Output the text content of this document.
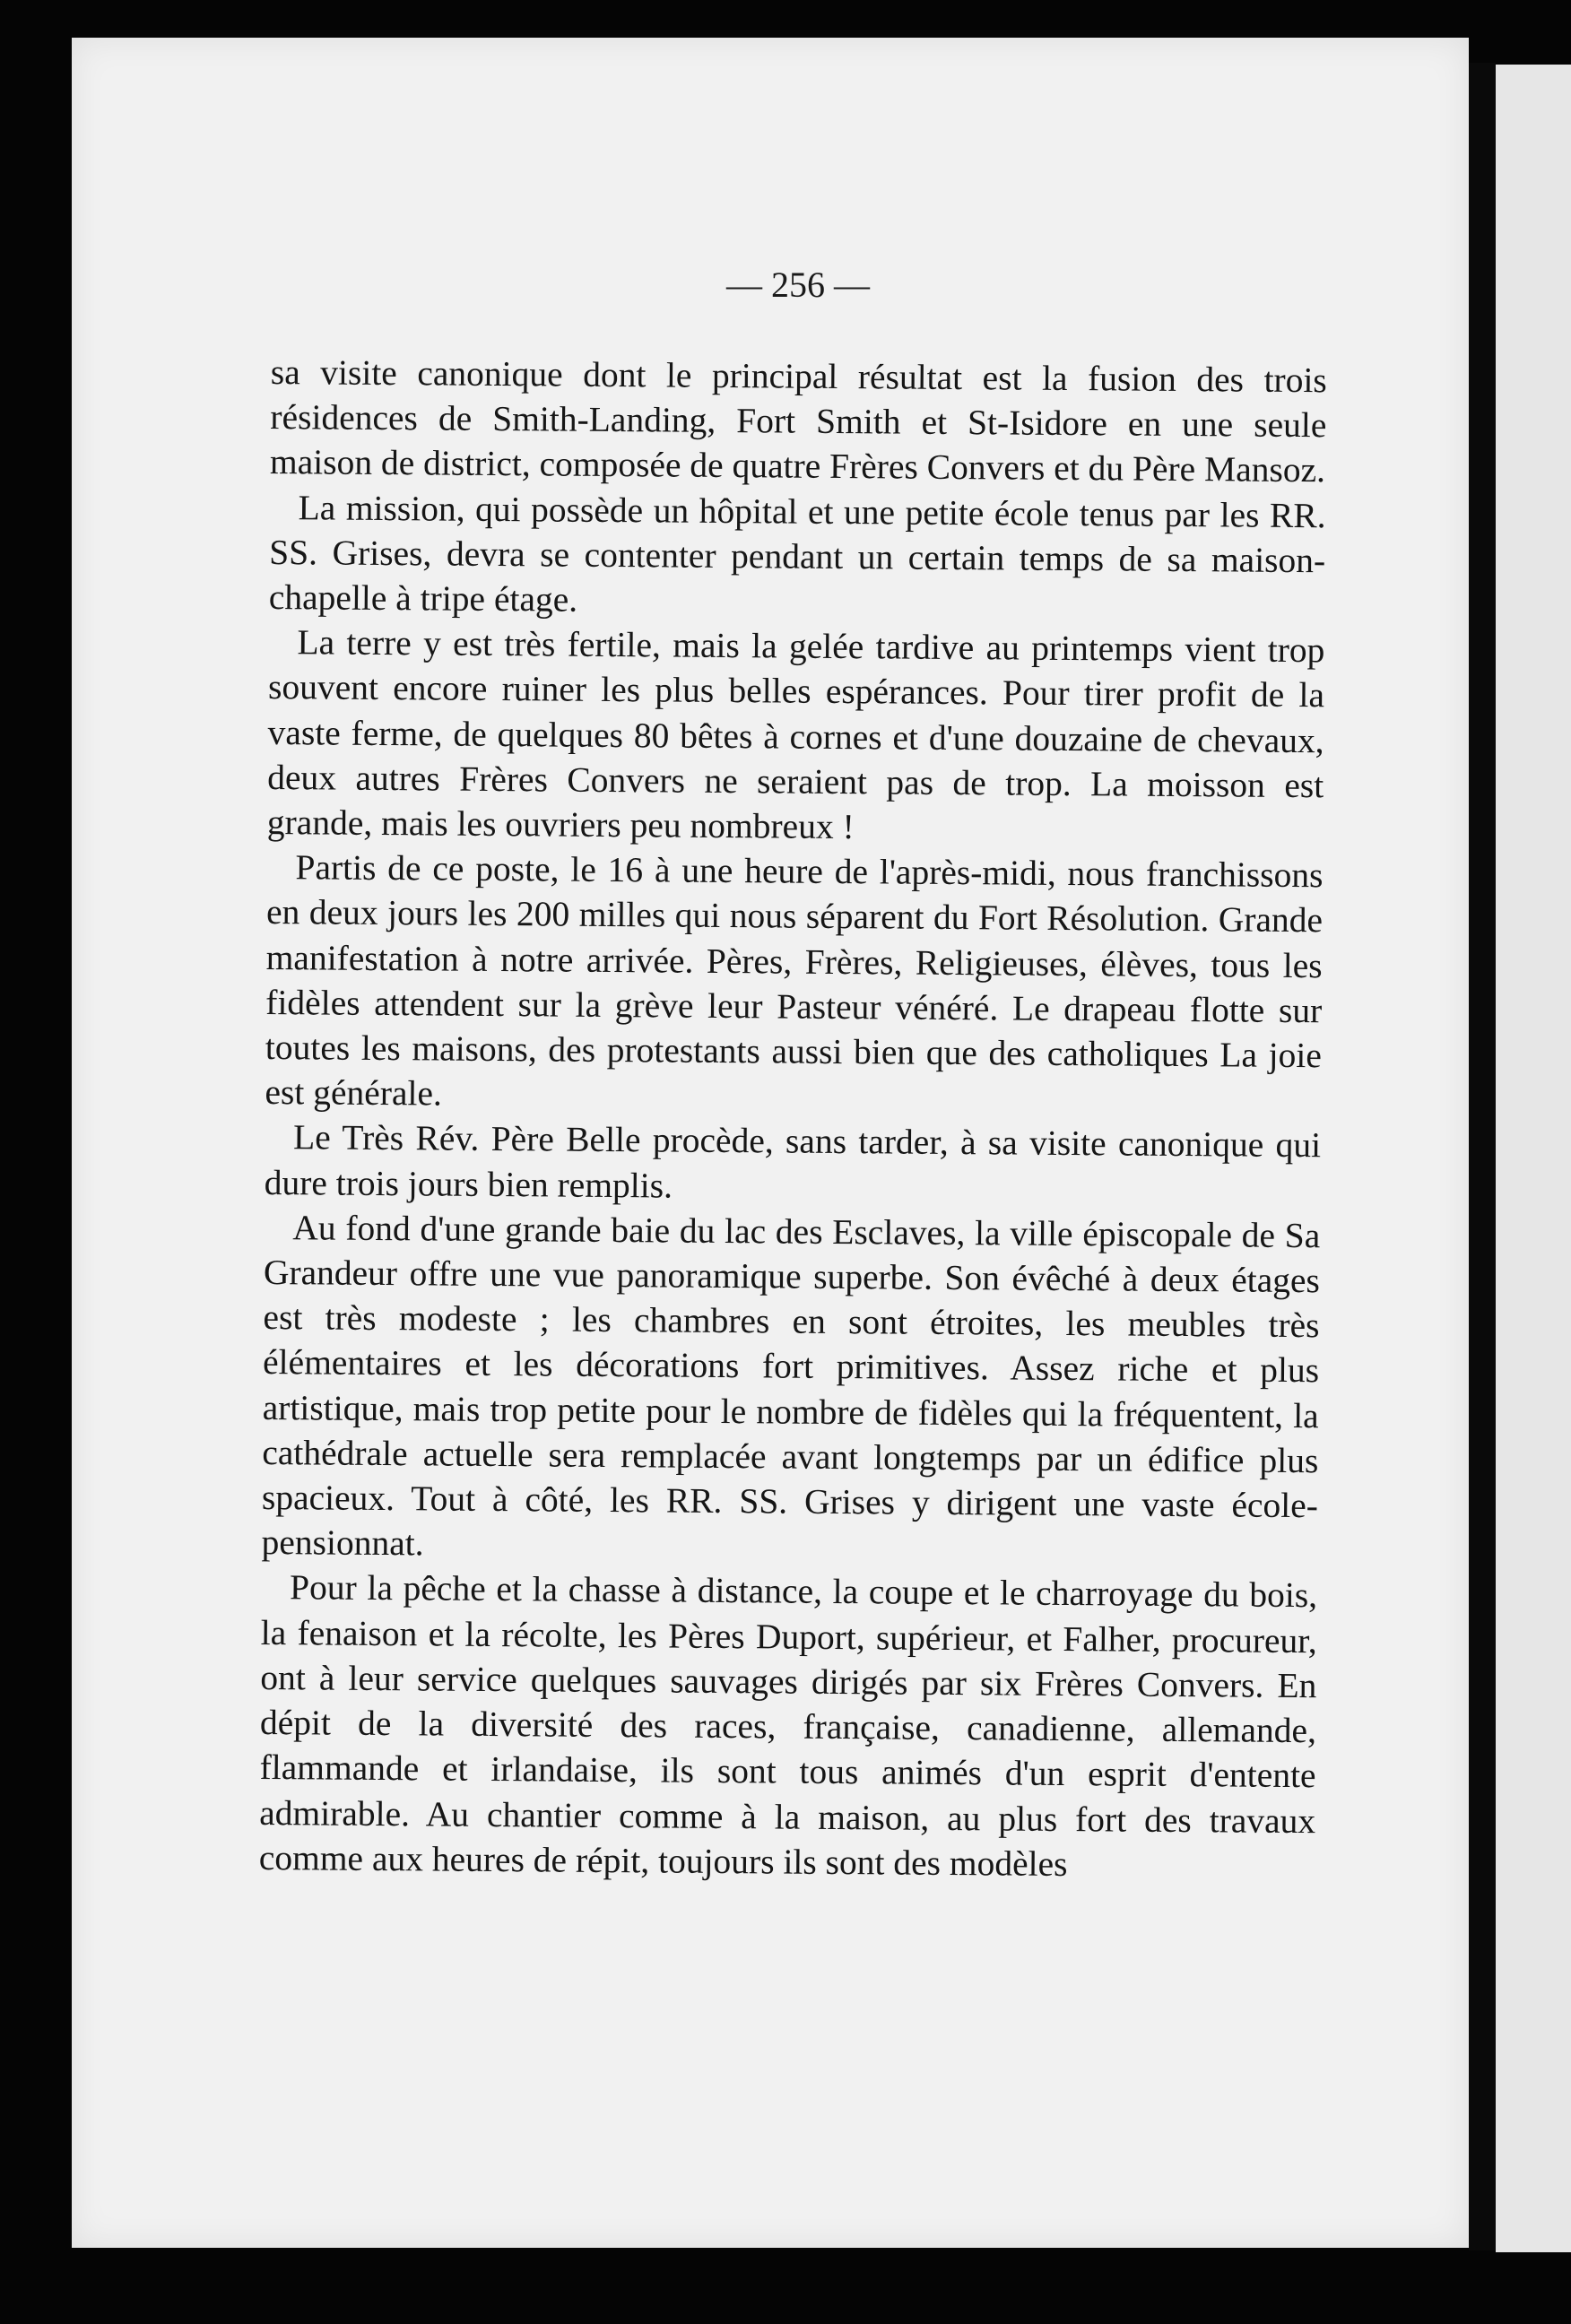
— 256 —

sa visite canonique dont le principal résultat est la fusion des trois résidences de Smith-Landing, Fort Smith et St-Isidore en une seule maison de district, composée de quatre Frères Convers et du Père Mansoz.

La mission, qui possède un hôpital et une petite école tenus par les RR. SS. Grises, devra se contenter pendant un certain temps de sa maison-chapelle à tripe étage.

La terre y est très fertile, mais la gelée tardive au printemps vient trop souvent encore ruiner les plus belles espérances. Pour tirer profit de la vaste ferme, de quelques 80 bêtes à cornes et d'une douzaine de chevaux, deux autres Frères Convers ne seraient pas de trop. La moisson est grande, mais les ouvriers peu nombreux !

Partis de ce poste, le 16 à une heure de l'après-midi, nous franchissons en deux jours les 200 milles qui nous séparent du Fort Résolution. Grande manifestation à notre arrivée. Pères, Frères, Religieuses, élèves, tous les fidèles attendent sur la grève leur Pasteur vénéré. Le drapeau flotte sur toutes les maisons, des protestants aussi bien que des catholiques La joie est générale.

Le Très Rév. Père Belle procède, sans tarder, à sa visite canonique qui dure trois jours bien remplis.

Au fond d'une grande baie du lac des Esclaves, la ville épiscopale de Sa Grandeur offre une vue panoramique superbe. Son évêché à deux étages est très modeste ; les chambres en sont étroites, les meubles très élémentaires et les décorations fort primitives. Assez riche et plus artistique, mais trop petite pour le nombre de fidèles qui la fréquentent, la cathédrale actuelle sera remplacée avant longtemps par un édifice plus spacieux. Tout à côté, les RR. SS. Grises y dirigent une vaste école-pensionnat.

Pour la pêche et la chasse à distance, la coupe et le charroyage du bois, la fenaison et la récolte, les Pères Duport, supérieur, et Falher, procureur, ont à leur service quelques sauvages dirigés par six Frères Convers. En dépit de la diversité des races, française, canadienne, allemande, flammande et irlandaise, ils sont tous animés d'un esprit d'entente admirable. Au chantier comme à la maison, au plus fort des travaux comme aux heures de répit, toujours ils sont des modèles
